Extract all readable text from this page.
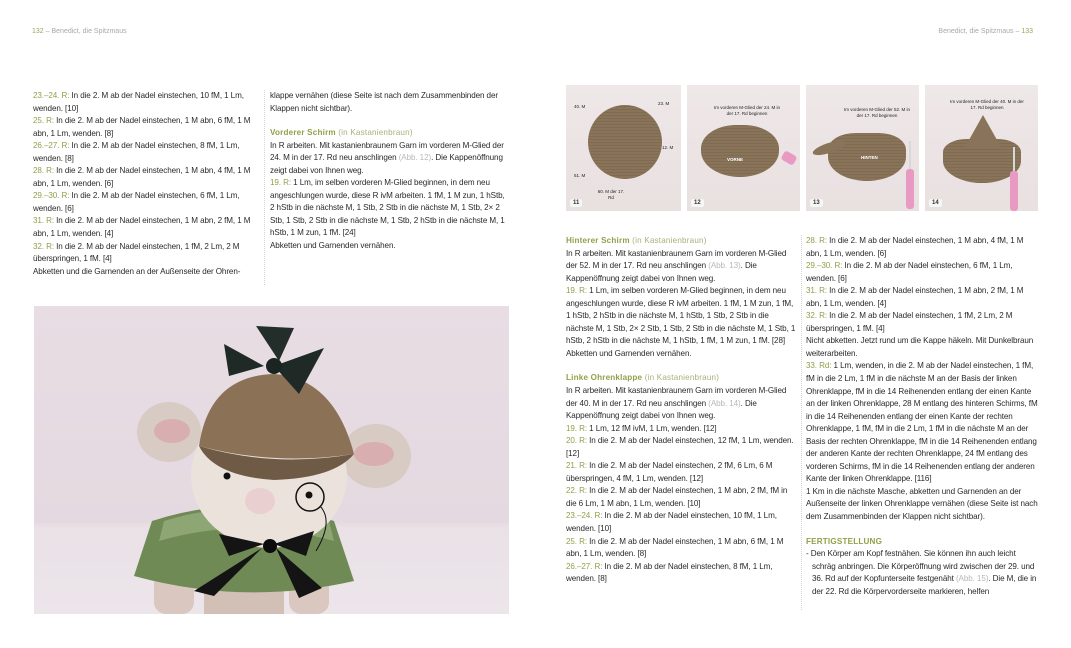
132 – Benedict, die Spitzmaus	Benedict, die Spitzmaus – 133

23.–24. R: In die 2. M ab der Nadel einstechen, 10 fM, 1 Lm, wenden. [10]

25. R: In die 2. M ab der Nadel einstechen, 1 M abn, 6 fM, 1 M abn, 1 Lm, wenden. [8]

26.–27. R: In die 2. M ab der Nadel einstechen, 8 fM, 1 Lm, wenden. [8]

28. R: In die 2. M ab der Nadel einstechen, 1 M abn, 4 fM, 1 M abn, 1 Lm, wenden. [6]

29.–30. R: In die 2. M ab der Nadel einstechen, 6 fM, 1 Lm, wenden. [6]

31. R: In die 2. M ab der Nadel einstechen, 1 M abn, 2 fM, 1 M abn, 1 Lm, wenden. [4]

32. R: In die 2. M ab der Nadel einstechen, 1 fM, 2 Lm, 2 M überspringen, 1 fM. [4]

Abketten und die Garnenden an der Außenseite der Ohren-

klappe vernähen (diese Seite ist nach dem Zusammenbinden der Klappen nicht sichtbar).

Vorderer Schirm (in Kastanienbraun)

In R arbeiten. Mit kastanienbraunem Garn im vorderen M-Glied der 24. M in der 17. Rd neu anschlingen (Abb. 12). Die Kappenöffnung zeigt dabei von Ihnen weg.

19. R: 1 Lm, im selben vorderen M-Glied beginnen, in dem neu angeschlungen wurde, diese R ivM arbeiten. 1 fM, 1 M zun, 1 hStb, 2 hStb in die nächste M, 1 Stb, 2 Stb in die nächste M, 1 Stb, 2× 2 Stb, 1 Stb, 2 Stb in die nächste M, 1 Stb, 2 hStb in die nächste M, 1 hStb, 1 M zun, 1 fM. [24]

Abketten und Garnenden vernähen.

40. M
23. M
12. M
51. M
60. M der 17. Rd
11
Im vorderen M-Glied der 24. M in der 17. Rd beginnen
VORNE
12
Im vorderen M-Glied der 52. M in der 17. Rd beginnen
HINTEN
13
Im vorderen M-Glied der 40. M in der 17. Rd beginnen
14

Hinterer Schirm (in Kastanienbraun)

In R arbeiten. Mit kastanienbraunem Garn im vorderen M-Glied der 52. M in der 17. Rd neu anschlingen (Abb. 13). Die Kappenöffnung zeigt dabei von Ihnen weg.

19. R: 1 Lm, im selben vorderen M-Glied beginnen, in dem neu angeschlungen wurde, diese R ivM arbeiten. 1 fM, 1 M zun, 1 fM, 1 hStb, 2 hStb in die nächste M, 1 hStb, 1 Stb, 2 Stb in die nächste M, 1 Stb, 2× 2 Stb, 1 Stb, 2 Stb in die nächste M, 1 Stb, 1 hStb, 2 hStb in die nächste M, 1 hStb, 1 fM, 1 M zun, 1 fM. [28]

Abketten und Garnenden vernähen.

Linke Ohrenklappe (in Kastanienbraun)

In R arbeiten. Mit kastanienbraunem Garn im vorderen M-Glied der 40. M in der 17. Rd neu anschlingen (Abb. 14). Die Kappenöffnung zeigt dabei von Ihnen weg.

19. R: 1 Lm, 12 fM ivM, 1 Lm, wenden. [12]

20. R: In die 2. M ab der Nadel einstechen, 12 fM, 1 Lm, wenden. [12]

21. R: In die 2. M ab der Nadel einstechen, 2 fM, 6 Lm, 6 M überspringen, 4 fM, 1 Lm, wenden. [12]

22. R: In die 2. M ab der Nadel einstechen, 1 M abn, 2 fM, fM in die 6 Lm, 1 M abn, 1 Lm, wenden. [10]

23.–24. R: In die 2. M ab der Nadel einstechen, 10 fM, 1 Lm, wenden. [10]

25. R: In die 2. M ab der Nadel einstechen, 1 M abn, 6 fM, 1 M abn, 1 Lm, wenden. [8]

26.–27. R: In die 2. M ab der Nadel einstechen, 8 fM, 1 Lm, wenden. [8]

28. R: In die 2. M ab der Nadel einstechen, 1 M abn, 4 fM, 1 M abn, 1 Lm, wenden. [6]

29.–30. R: In die 2. M ab der Nadel einstechen, 6 fM, 1 Lm, wenden. [6]

31. R: In die 2. M ab der Nadel einstechen, 1 M abn, 2 fM, 1 M abn, 1 Lm, wenden. [4]

32. R: In die 2. M ab der Nadel einstechen, 1 fM, 2 Lm, 2 M überspringen, 1 fM. [4]

Nicht abketten. Jetzt rund um die Kappe häkeln. Mit Dunkelbraun weiterarbeiten.

33. Rd: 1 Lm, wenden, in die 2. M ab der Nadel einstechen, 1 fM, fM in die 2 Lm, 1 fM in die nächste M an der Basis der linken Ohrenklappe, fM in die 14 Reihenenden entlang der einen Kante an der linken Ohrenklappe, 28 M entlang des hinteren Schirms, fM in die 14 Reihenenden entlang der einen Kante der rechten Ohrenklappe, 1 fM, fM in die 2 Lm, 1 fM in die nächste M an der Basis der rechten Ohrenklappe, fM in die 14 Reihenenden entlang der anderen Kante der rechten Ohrenklappe, 24 fM entlang des vorderen Schirms, fM in die 14 Reihenenden entlang der anderen Kante der linken Ohrenklappe. [116]

1 Km in die nächste Masche, abketten und Garnenden an der Außenseite der linken Ohrenklappe vernähen (diese Seite ist nach dem Zusammenbinden der Klappen nicht sichtbar).

FERTIGSTELLUNG

- Den Körper am Kopf festnähen. Sie können ihn auch leicht schräg anbringen. Die Körperöffnung wird zwischen der 29. und 36. Rd auf der Kopfunterseite festgenäht (Abb. 15). Die M, die in der 22. Rd die Körpervorderseite markieren, helfen
